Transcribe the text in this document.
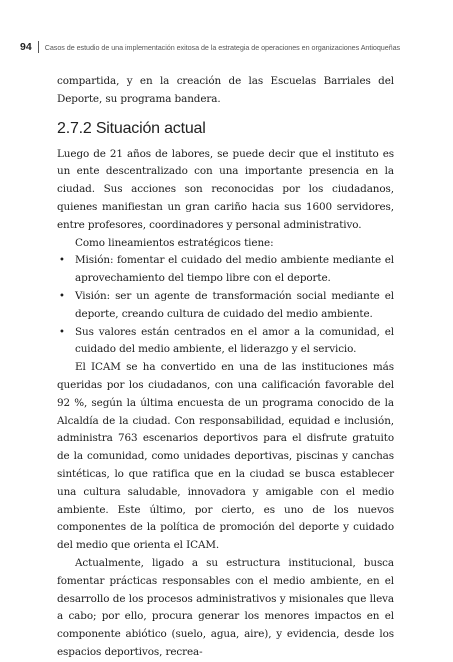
94	Casos de estudio de una implementación exitosa de la estrategia de operaciones en organizaciones Antioqueñas

compartida, y en la creación de las Escuelas Barriales del Deporte, su programa bandera.

2.7.2 Situación actual

Luego de 21 años de labores, se puede decir que el instituto es un ente descentralizado con una importante presencia en la ciudad. Sus acciones son reconocidas por los ciudadanos, quienes manifiestan un gran cariño hacia sus 1600 servidores, entre profesores, coordinadores y personal administrativo.

Como lineamientos estratégicos tiene:

• Misión: fomentar el cuidado del medio ambiente mediante el aprovechamiento del tiempo libre con el deporte.
• Visión: ser un agente de transformación social mediante el deporte, creando cultura de cuidado del medio ambiente.
• Sus valores están centrados en el amor a la comunidad, el cuidado del medio ambiente, el liderazgo y el servicio.

El ICAM se ha convertido en una de las instituciones más queridas por los ciudadanos, con una calificación favorable del 92 %, según la última encuesta de un programa conocido de la Alcaldía de la ciudad. Con responsabilidad, equidad e inclusión, administra 763 escenarios deportivos para el disfrute gratuito de la comunidad, como unidades deportivas, piscinas y canchas sintéticas, lo que ratifica que en la ciudad se busca establecer una cultura saludable, innovadora y amigable con el medio ambiente. Este último, por cierto, es uno de los nuevos componentes de la política de promoción del deporte y cuidado del medio que orienta el ICAM.

Actualmente, ligado a su estructura institucional, busca fomentar prácticas responsables con el medio ambiente, en el desarrollo de los procesos administrativos y misionales que lleva a cabo; por ello, procura generar los menores impactos en el componente abiótico (suelo, agua, aire), y evidencia, desde los espacios deportivos, recrea-
